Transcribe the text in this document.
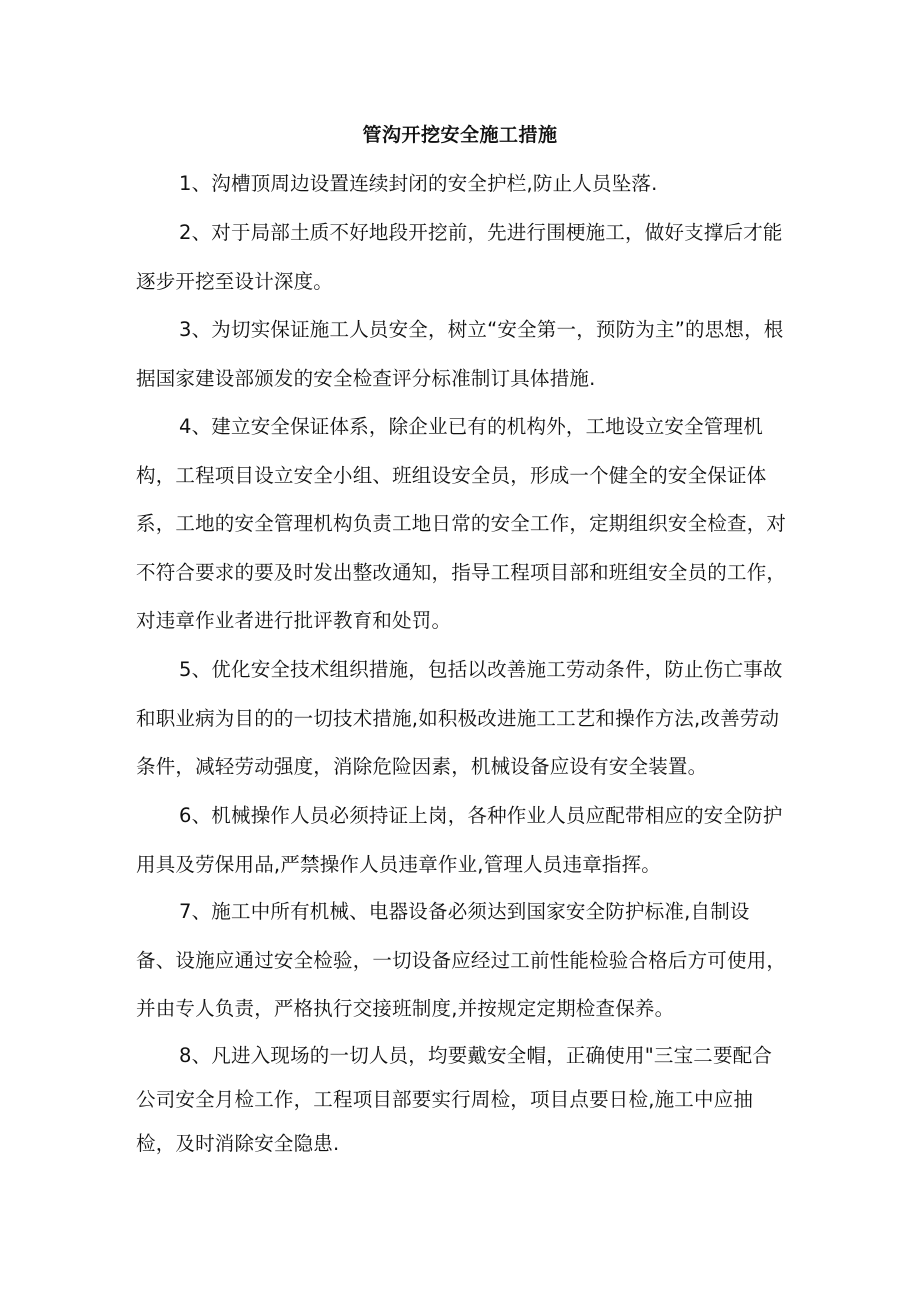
管沟开挖安全施工措施
1、沟槽顶周边设置连续封闭的安全护栏,防止人员坠落.
2、对于局部土质不好地段开挖前，先进行围梗施工，做好支撑后才能逐步开挖至设计深度。
3、为切实保证施工人员安全，树立“安全第一，预防为主”的思想，根据国家建设部颁发的安全检查评分标准制订具体措施.
4、建立安全保证体系，除企业已有的机构外，工地设立安全管理机构，工程项目设立安全小组、班组设安全员，形成一个健全的安全保证体系，工地的安全管理机构负责工地日常的安全工作，定期组织安全检查，对不符合要求的要及时发出整改通知，指导工程项目部和班组安全员的工作，对违章作业者进行批评教育和处罚。
5、优化安全技术组织措施，包括以改善施工劳动条件，防止伤亡事故和职业病为目的的一切技术措施,如积极改进施工工艺和操作方法,改善劳动条件，减轻劳动强度，消除危险因素，机械设备应设有安全装置。
6、机械操作人员必须持证上岗，各种作业人员应配带相应的安全防护用具及劳保用品,严禁操作人员违章作业,管理人员违章指挥。
7、施工中所有机械、电器设备必须达到国家安全防护标准,自制设备、设施应通过安全检验，一切设备应经过工前性能检验合格后方可使用，并由专人负责，严格执行交接班制度,并按规定定期检查保养。
8、凡进入现场的一切人员，均要戴安全帽，正确使用"三宝二要配合公司安全月检工作，工程项目部要实行周检，项目点要日检,施工中应抽检，及时消除安全隐患.
